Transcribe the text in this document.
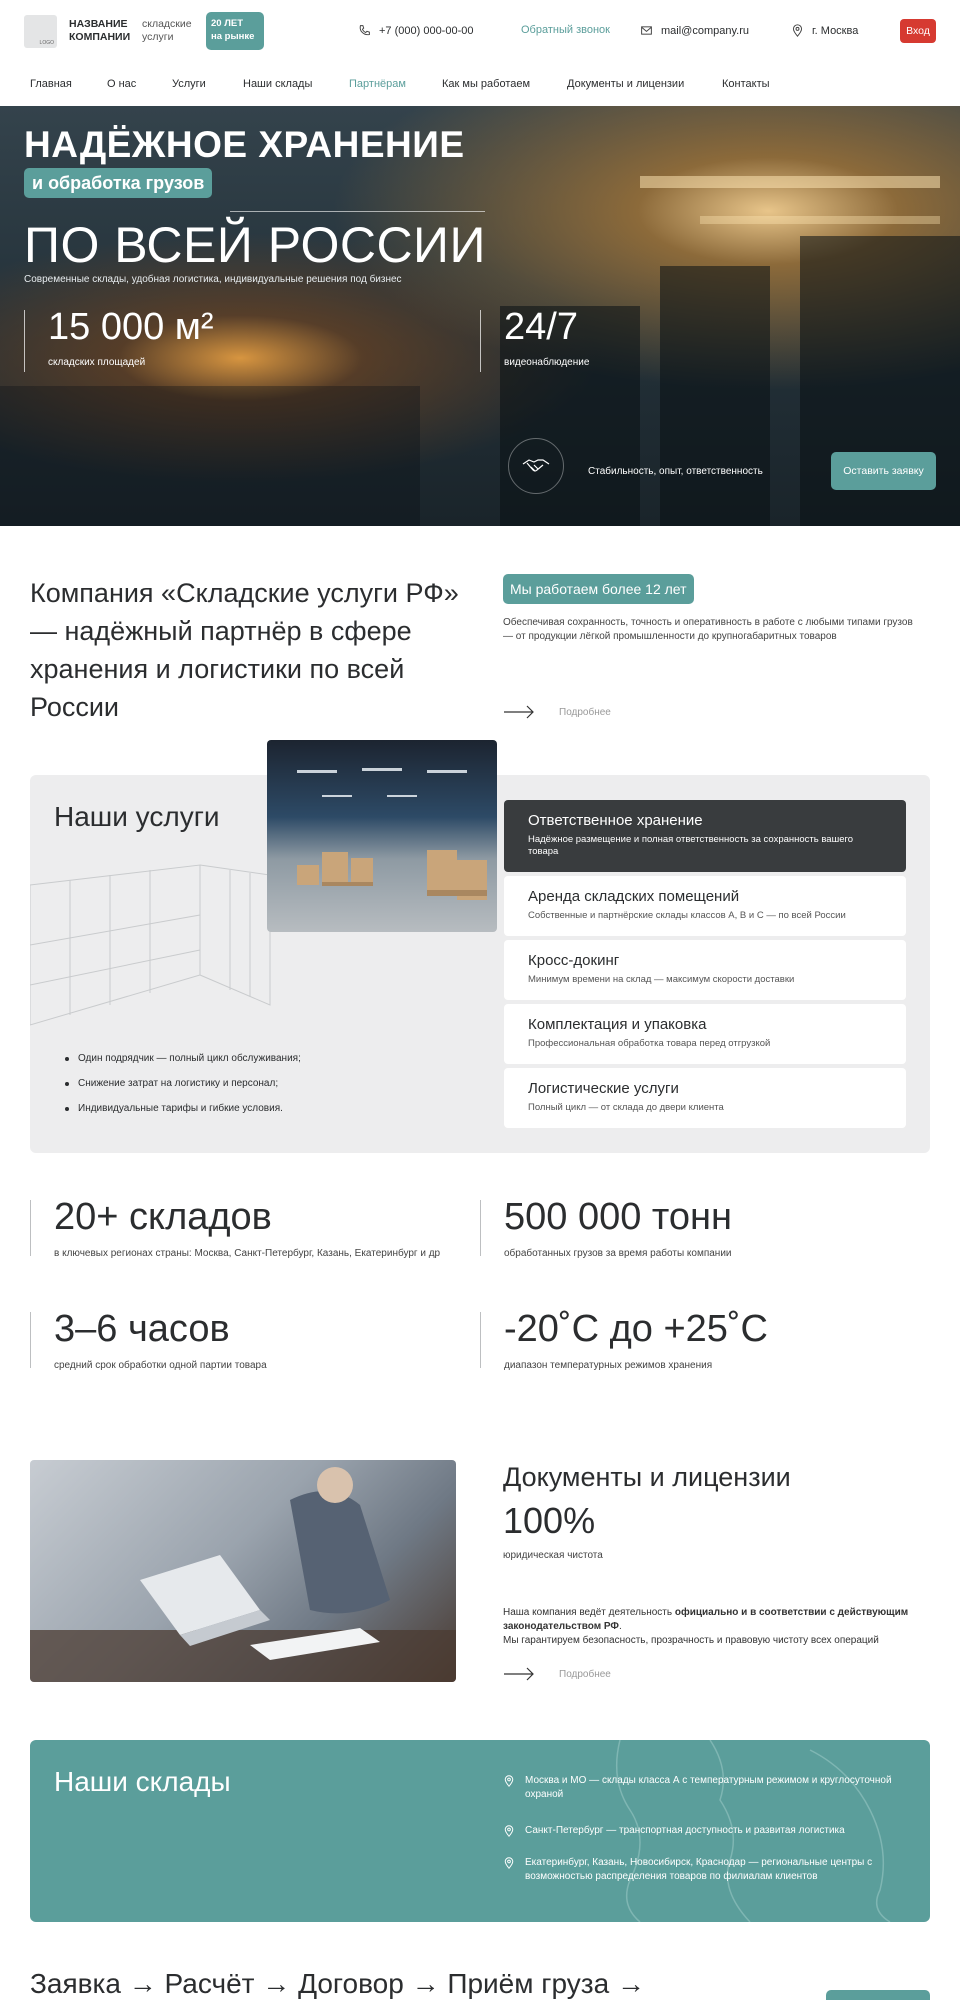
LOGO
НАЗВАНИЕ КОМПАНИИ
складские услуги
20 ЛЕТ
на рынке	+7 (000) 000-00-00	Обратный звонок	mail@company.ru	г. Москва	Вход
Главная	О нас	Услуги	Наши склады	Партнёрам	Как мы работаем	Документы и лицензии	Контакты
НАДЁЖНОЕ ХРАНЕНИЕ
и обработка грузов
ПО ВСЕЙ РОССИИ
Современные склады, удобная логистика, индивидуальные решения под бизнес
15 000 м²
складских площадей
24/7
видеонаблюдение
Стабильность, опыт, ответственность	Оставить заявку
Компания «Складские услуги РФ» — надёжный партнёр в сфере хранения и логистики по всей России
Мы работаем более 12 лет
Обеспечивая сохранность, точность и оперативность в работе с любыми типами грузов — от продукции лёгкой промышленности до крупногабаритных товаров
Подробнее
Наши услуги
Один подрядчик — полный цикл обслуживания;
Снижение затрат на логистику и персонал;
Индивидуальные тарифы и гибкие условия.
Ответственное хранение
Надёжное размещение и полная ответственность за сохранность вашего товара
Аренда складских помещений
Собственные и партнёрские склады классов А, В и С — по всей России
Кросс-докинг
Минимум времени на склад — максимум скорости доставки
Комплектация и упаковка
Профессиональная обработка товара перед отгрузкой
Логистические услуги
Полный цикл — от склада до двери клиента
20+ складов
в ключевых регионах страны: Москва, Санкт-Петербург, Казань, Екатеринбург и др
500 000 тонн
обработанных грузов за время работы компании
3–6 часов
средний срок обработки одной партии товара
-20˚С до +25˚С
диапазон температурных режимов хранения
Документы и лицензии
100%
юридическая чистота
Наша компания ведёт деятельность официально и в соответствии с действующим законодательством РФ.
Мы гарантируем безопасность, прозрачность и правовую чистоту всех операций
Подробнее
Наши склады	Москва и МО — склады класса А с температурным режимом и круглосуточной охраной
Санкт-Петербург — транспортная доступность и развитая логистика
Екатеринбург, Казань, Новосибирск, Краснодар — региональные центры с возможностью распределения товаров по филиалам клиентов
Заявка → Расчёт → Договор → Приём груза →
